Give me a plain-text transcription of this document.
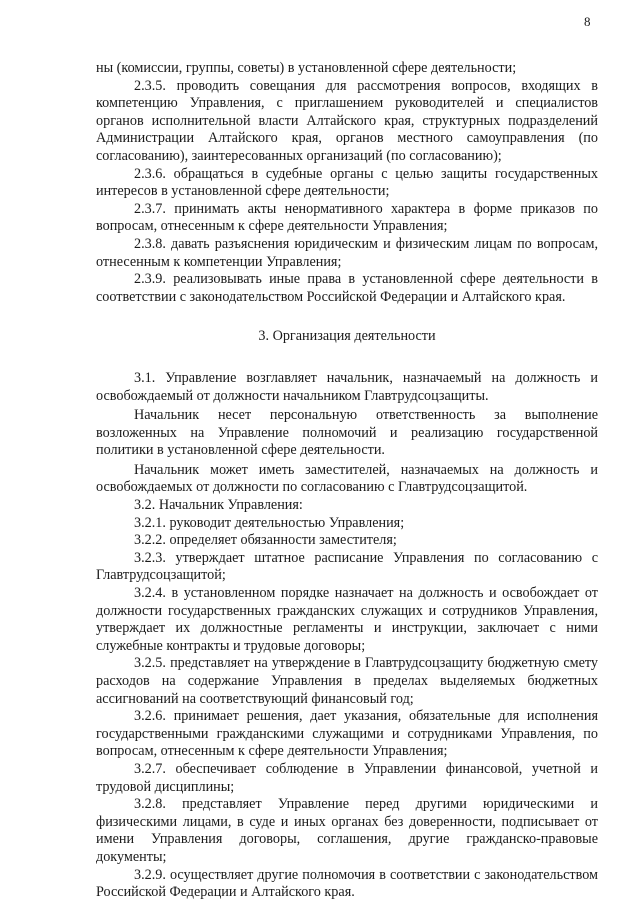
8

ны (комиссии, группы, советы) в установленной сфере деятельности;

2.3.5. проводить совещания для рассмотрения вопросов, входящих в компетенцию Управления, с приглашением руководителей и специалистов органов исполнительной власти Алтайского края, структурных подразделений Администрации Алтайского края, органов местного самоуправления (по согласованию), заинтересованных организаций (по согласованию);

2.3.6. обращаться в судебные органы с целью защиты государственных интересов в установленной сфере деятельности;

2.3.7. принимать акты ненормативного характера в форме приказов по вопросам, отнесенным к сфере деятельности Управления;

2.3.8. давать разъяснения юридическим и физическим лицам по вопросам, отнесенным к компетенции Управления;

2.3.9. реализовывать иные права в установленной сфере деятельности в соответствии с законодательством Российской Федерации и Алтайского края.

3. Организация деятельности

3.1. Управление возглавляет начальник, назначаемый на должность и освобождаемый от должности начальником Главтрудсоцзащиты.

Начальник несет персональную ответственность за выполнение возложенных на Управление полномочий и реализацию государственной политики в установленной сфере деятельности.

Начальник может иметь заместителей, назначаемых на должность и освобождаемых от должности по согласованию с Главтрудсоцзащитой.

3.2. Начальник Управления:

3.2.1. руководит деятельностью Управления;

3.2.2. определяет обязанности заместителя;

3.2.3. утверждает штатное расписание Управления по согласованию с Главтрудсоцзащитой;

3.2.4. в установленном порядке назначает на должность и освобождает от должности государственных гражданских служащих и сотрудников Управления, утверждает их должностные регламенты и инструкции, заключает с ними служебные контракты и трудовые договоры;

3.2.5. представляет на утверждение в Главтрудсоцзащиту бюджетную смету расходов на содержание Управления в пределах выделяемых бюджетных ассигнований на соответствующий финансовый год;

3.2.6. принимает решения, дает указания, обязательные для исполнения государственными гражданскими служащими и сотрудниками Управления, по вопросам, отнесенным к сфере деятельности Управления;

3.2.7. обеспечивает соблюдение в Управлении финансовой, учетной и трудовой дисциплины;

3.2.8. представляет Управление перед другими юридическими и физическими лицами, в суде и иных органах без доверенности, подписывает от имени Управления договоры, соглашения, другие гражданско-правовые документы;

3.2.9. осуществляет другие полномочия в соответствии с законодательством Российской Федерации и Алтайского края.
